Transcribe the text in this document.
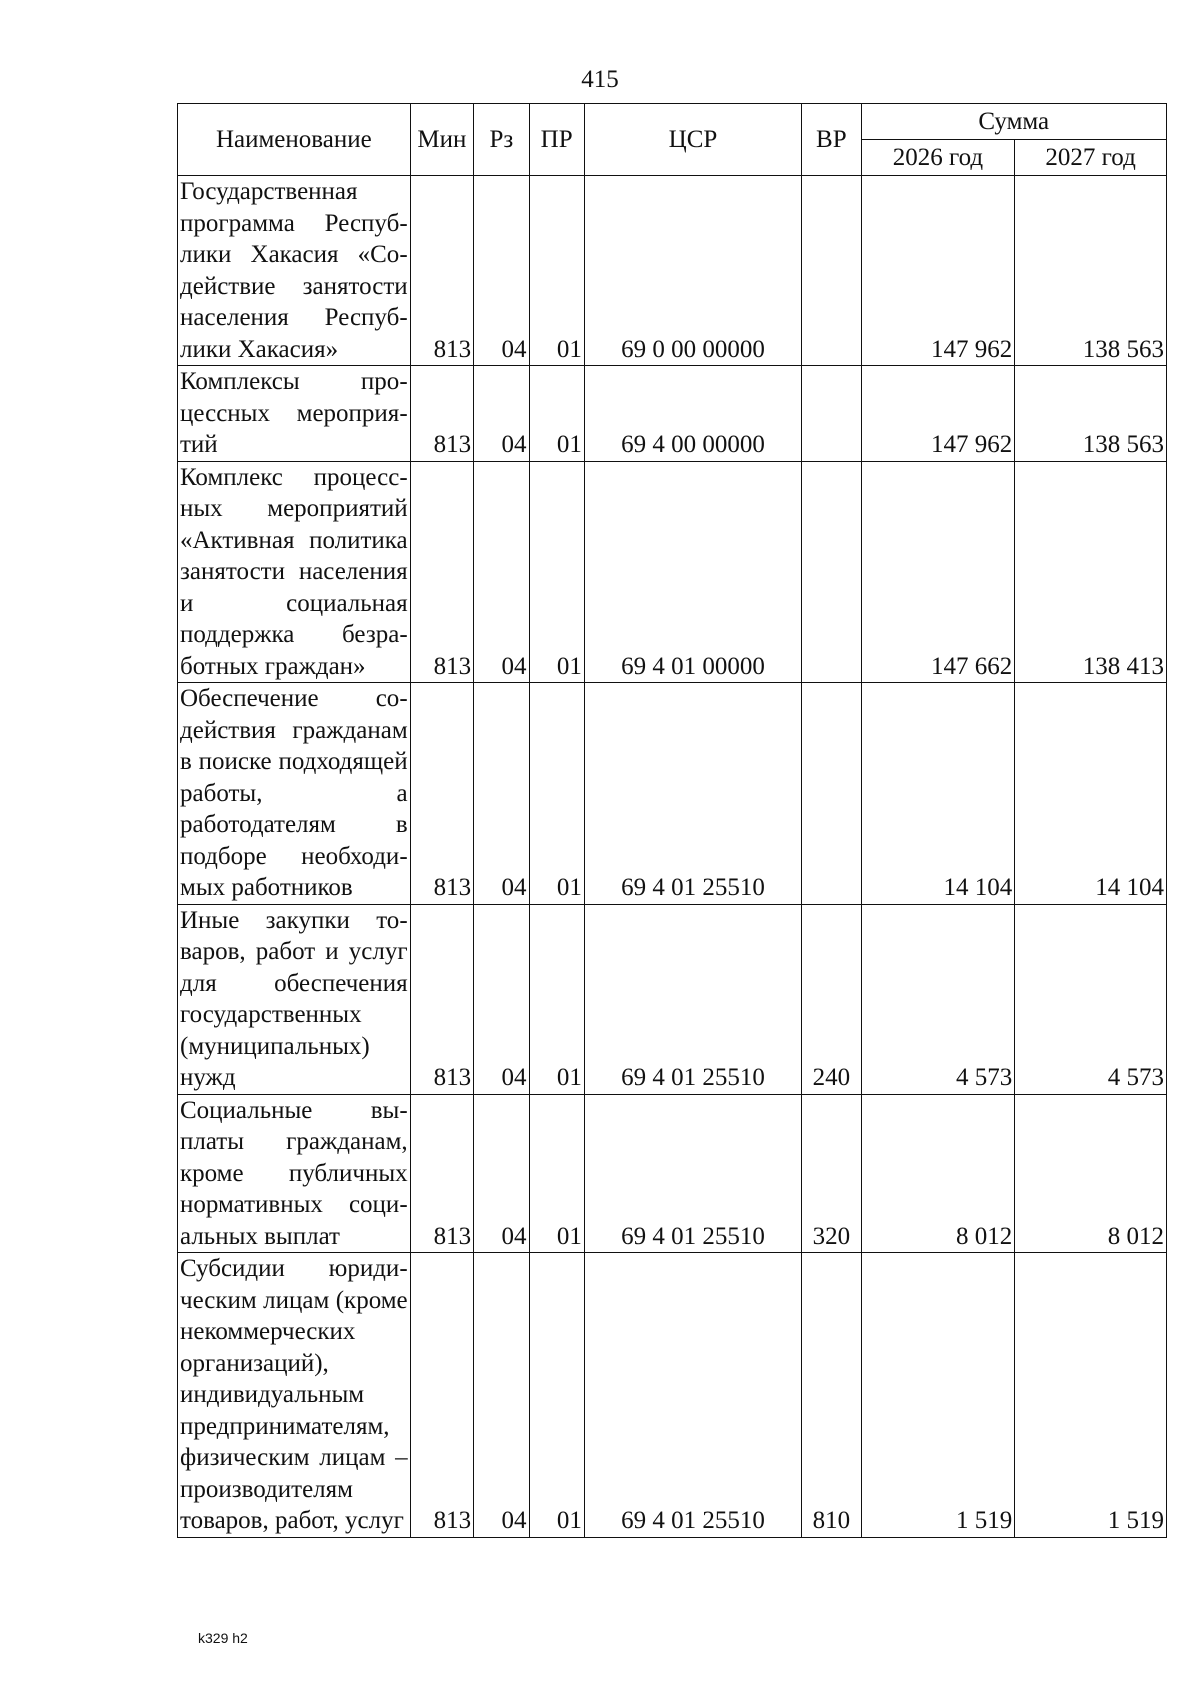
415
Наименование	Мин	Рз	ПР	ЦСР	ВР	Сумма	
						2026 год	2027 год
Государственная программа Республики Хакасия «Содействие занятости населения Республики Хакасия»	813	04	01	69 0 00 00000		147 962	138 563
Комплексы процессных мероприятий	813	04	01	69 4 00 00000		147 962	138 563
Комплекс процессных мероприятий «Активная политика занятости населения и социальная поддержка безработных граждан»	813	04	01	69 4 01 00000		147 662	138 413
Обеспечение содействия гражданам в поиске подходящей работы, а работодателям в подборе необходимых работников	813	04	01	69 4 01 25510		14 104	14 104
Иные закупки товаров, работ и услуг для обеспечения государственных (муниципальных) нужд	813	04	01	69 4 01 25510	240	4 573	4 573
Социальные выплаты гражданам, кроме публичных нормативных социальных выплат	813	04	01	69 4 01 25510	320	8 012	8 012
Субсидии юридическим лицам (кроме некоммерческих организаций), индивидуальным предпринимателям, физическим лицам – производителям товаров, работ, услуг	813	04	01	69 4 01 25510	810	1 519	1 519
k329 h2
